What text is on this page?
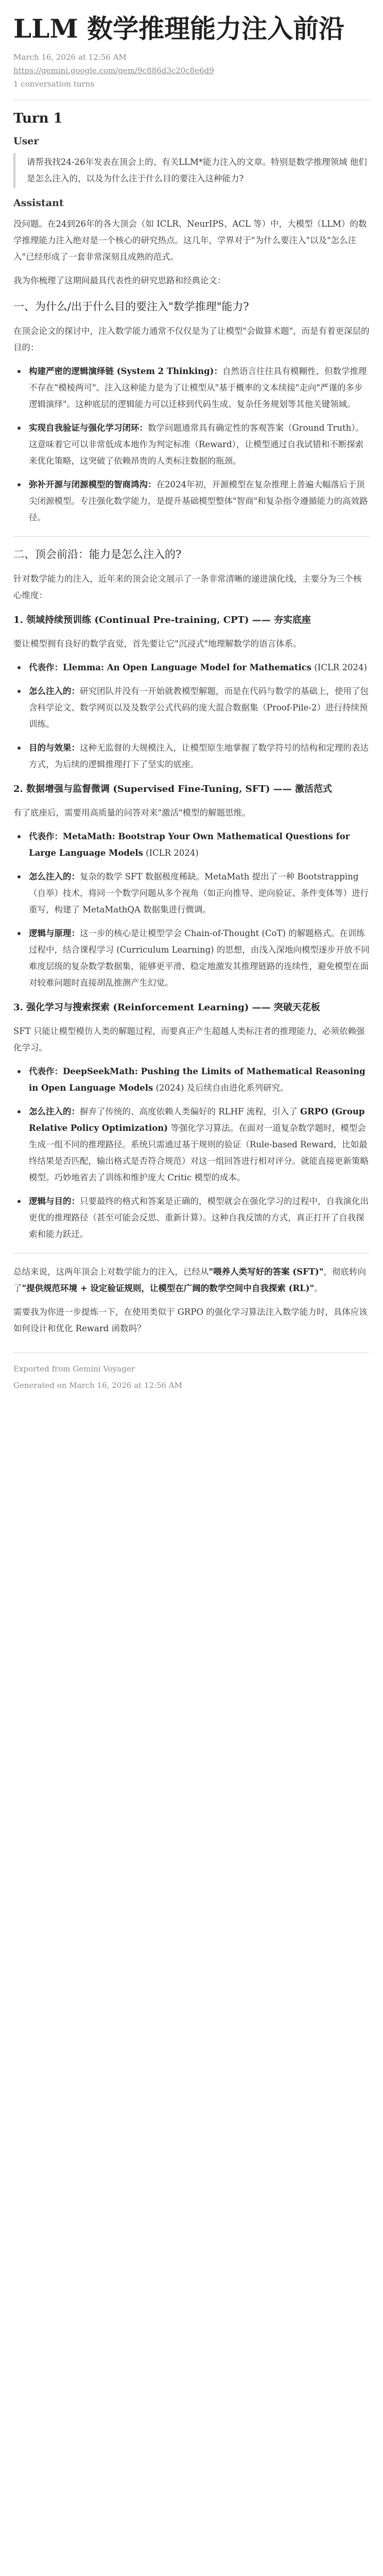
LLM 数学推理能力注入前沿
March 16, 2026 at 12:56 AM
https://gemini.google.com/gem/9c886d3c20c8e6d9
1 conversation turns
Turn 1
User
请帮我找24-26年发表在顶会上的、有关LLM*能力注入的文章。特别是数学推理领域 他们是怎么注入的，以及为什么注于什么目的要注入这种能力?
Assistant

没问题。在24到26年的各大顶会（如 ICLR、NeurIPS、ACL 等）中，大模型（LLM）的数学推理能力注入绝对是一个核心的研究热点。这几年，学界对于"为什么要注入"以及"怎么注入"已经形成了一套非常深刻且成熟的范式。

我为你梳理了这期间最具代表性的研究思路和经典论文：

一、为什么/出于什么目的要注入"数学推理"能力?

在顶会论文的探讨中，注入数学能力通常不仅仅是为了让模型"会做算术题"，而是有着更深层的目的：

构建严密的逻辑演绎链 (System 2 Thinking)：自然语言往往具有模糊性、但数学推理不存在"模棱两可"。注入这种能力是为了让模型从"基于概率的文本续接"走向"严谨的多步逻辑演绎"。这种底层的逻辑能力可以迁移到代码生成、复杂任务规划等其他关键领域。
实现自我验证与强化学习闭环：数学问题通常具有确定性的客观答案（Ground Truth）。这意味着它可以非常低成本地作为判定标准（Reward），让模型通过自我试错和不断探索来优化策略，这突破了依赖昂贵的人类标注数据的瓶颈。
弥补开源与闭源模型的智商鸿沟：在2024年初，开源模型在复杂推理上普遍大幅落后于顶尖闭源模型。专注强化数学能力，是提升基础模型整体"智商"和复杂指令遵循能力的高效路径。
二、顶会前沿：能力是怎么注入的?

针对数学能力的注入，近年来的顶会论文展示了一条非常清晰的递进演化线，主要分为三个核心维度：

1. 领域持续预训练 (Continual Pre-training, CPT) —— 夯实底座

要让模型拥有良好的数学直觉，首先要让它"沉浸式"地理解数学的语言体系。

代表作：Llemma: An Open Language Model for Mathematics (ICLR 2024)
怎么注入的：研究团队并没有一开始就教模型解题，而是在代码与数学的基础上，使用了包含科学论文、数学网页以及及数学公式代码的庞大混合数据集（Proof-Pile-2）进行持续预训练。
目的与效果：这种无监督的大规模注入，让模型原生地掌握了数学符号的结构和定理的表达方式，为后续的逻辑推理打下了坚实的底座。
2. 数据增强与监督微调 (Supervised Fine-Tuning, SFT) —— 激活范式

有了底座后，需要用高质量的问答对来"激活"模型的解题思维。

代表作：MetaMath: Bootstrap Your Own Mathematical Questions for Large Language Models (ICLR 2024)
怎么注入的：复杂的数学 SFT 数据极度稀缺。MetaMath 提出了一种 Bootstrapping（自举）技术，将同一个数学问题从多个视角（如正向推导、逆向验证、条件变体等）进行重写，构建了 MetaMathQA 数据集进行微调。
逻辑与原理：这一步的核心是让模型学会 Chain-of-Thought (CoT) 的解题格式。在训练过程中，结合课程学习 (Curriculum Learning) 的思想，由浅入深地向模型逐步开放不同难度层级的复杂数学数据集，能够更平滑、稳定地激发其推理链路的连续性，避免模型在面对较难问题时直接胡乱推测产生幻觉。
3. 强化学习与搜索探索 (Reinforcement Learning) —— 突破天花板

SFT 只能让模型模仿人类的解题过程，而要真正产生超越人类标注者的推理能力，必须依赖强化学习。

代表作：DeepSeekMath: Pushing the Limits of Mathematical Reasoning in Open Language Models (2024) 及后续自由进化系列研究。
怎么注入的：摒弃了传统的、高度依赖人类偏好的 RLHF 流程，引入了 GRPO (Group Relative Policy Optimization) 等强化学习算法。在面对一道复杂数学题时，模型会生成一组不同的推理路径。系统只需通过基于规则的验证（Rule-based Reward，比如最终结果是否匹配，输出格式是否符合规范）对这一组回答进行相对评分。就能直接更新策略模型。巧妙地省去了训练和维护庞大 Critic 模型的成本。
逻辑与目的：只要最终的格式和答案是正确的，模型就会在强化学习的过程中，自我演化出更优的推理路径（甚至可能会反思、重新计算）。这种自我反馈的方式，真正打开了自我探索和能力跃迁。

总结来说，这两年顶会上对数学能力的注入，已经从"喂养人类写好的答案 (SFT)"，彻底转向了"提供规范环境 + 设定验证规则，让模型在广阔的数学空间中自我探索 (RL)"。

需要我为你进一步提炼一下，在使用类似于 GRPO 的强化学习算法注入数学能力时，具体应该如何设计和优化 Reward 函数吗？

Exported from Gemini Voyager
Generated on March 16, 2026 at 12:56 AM
